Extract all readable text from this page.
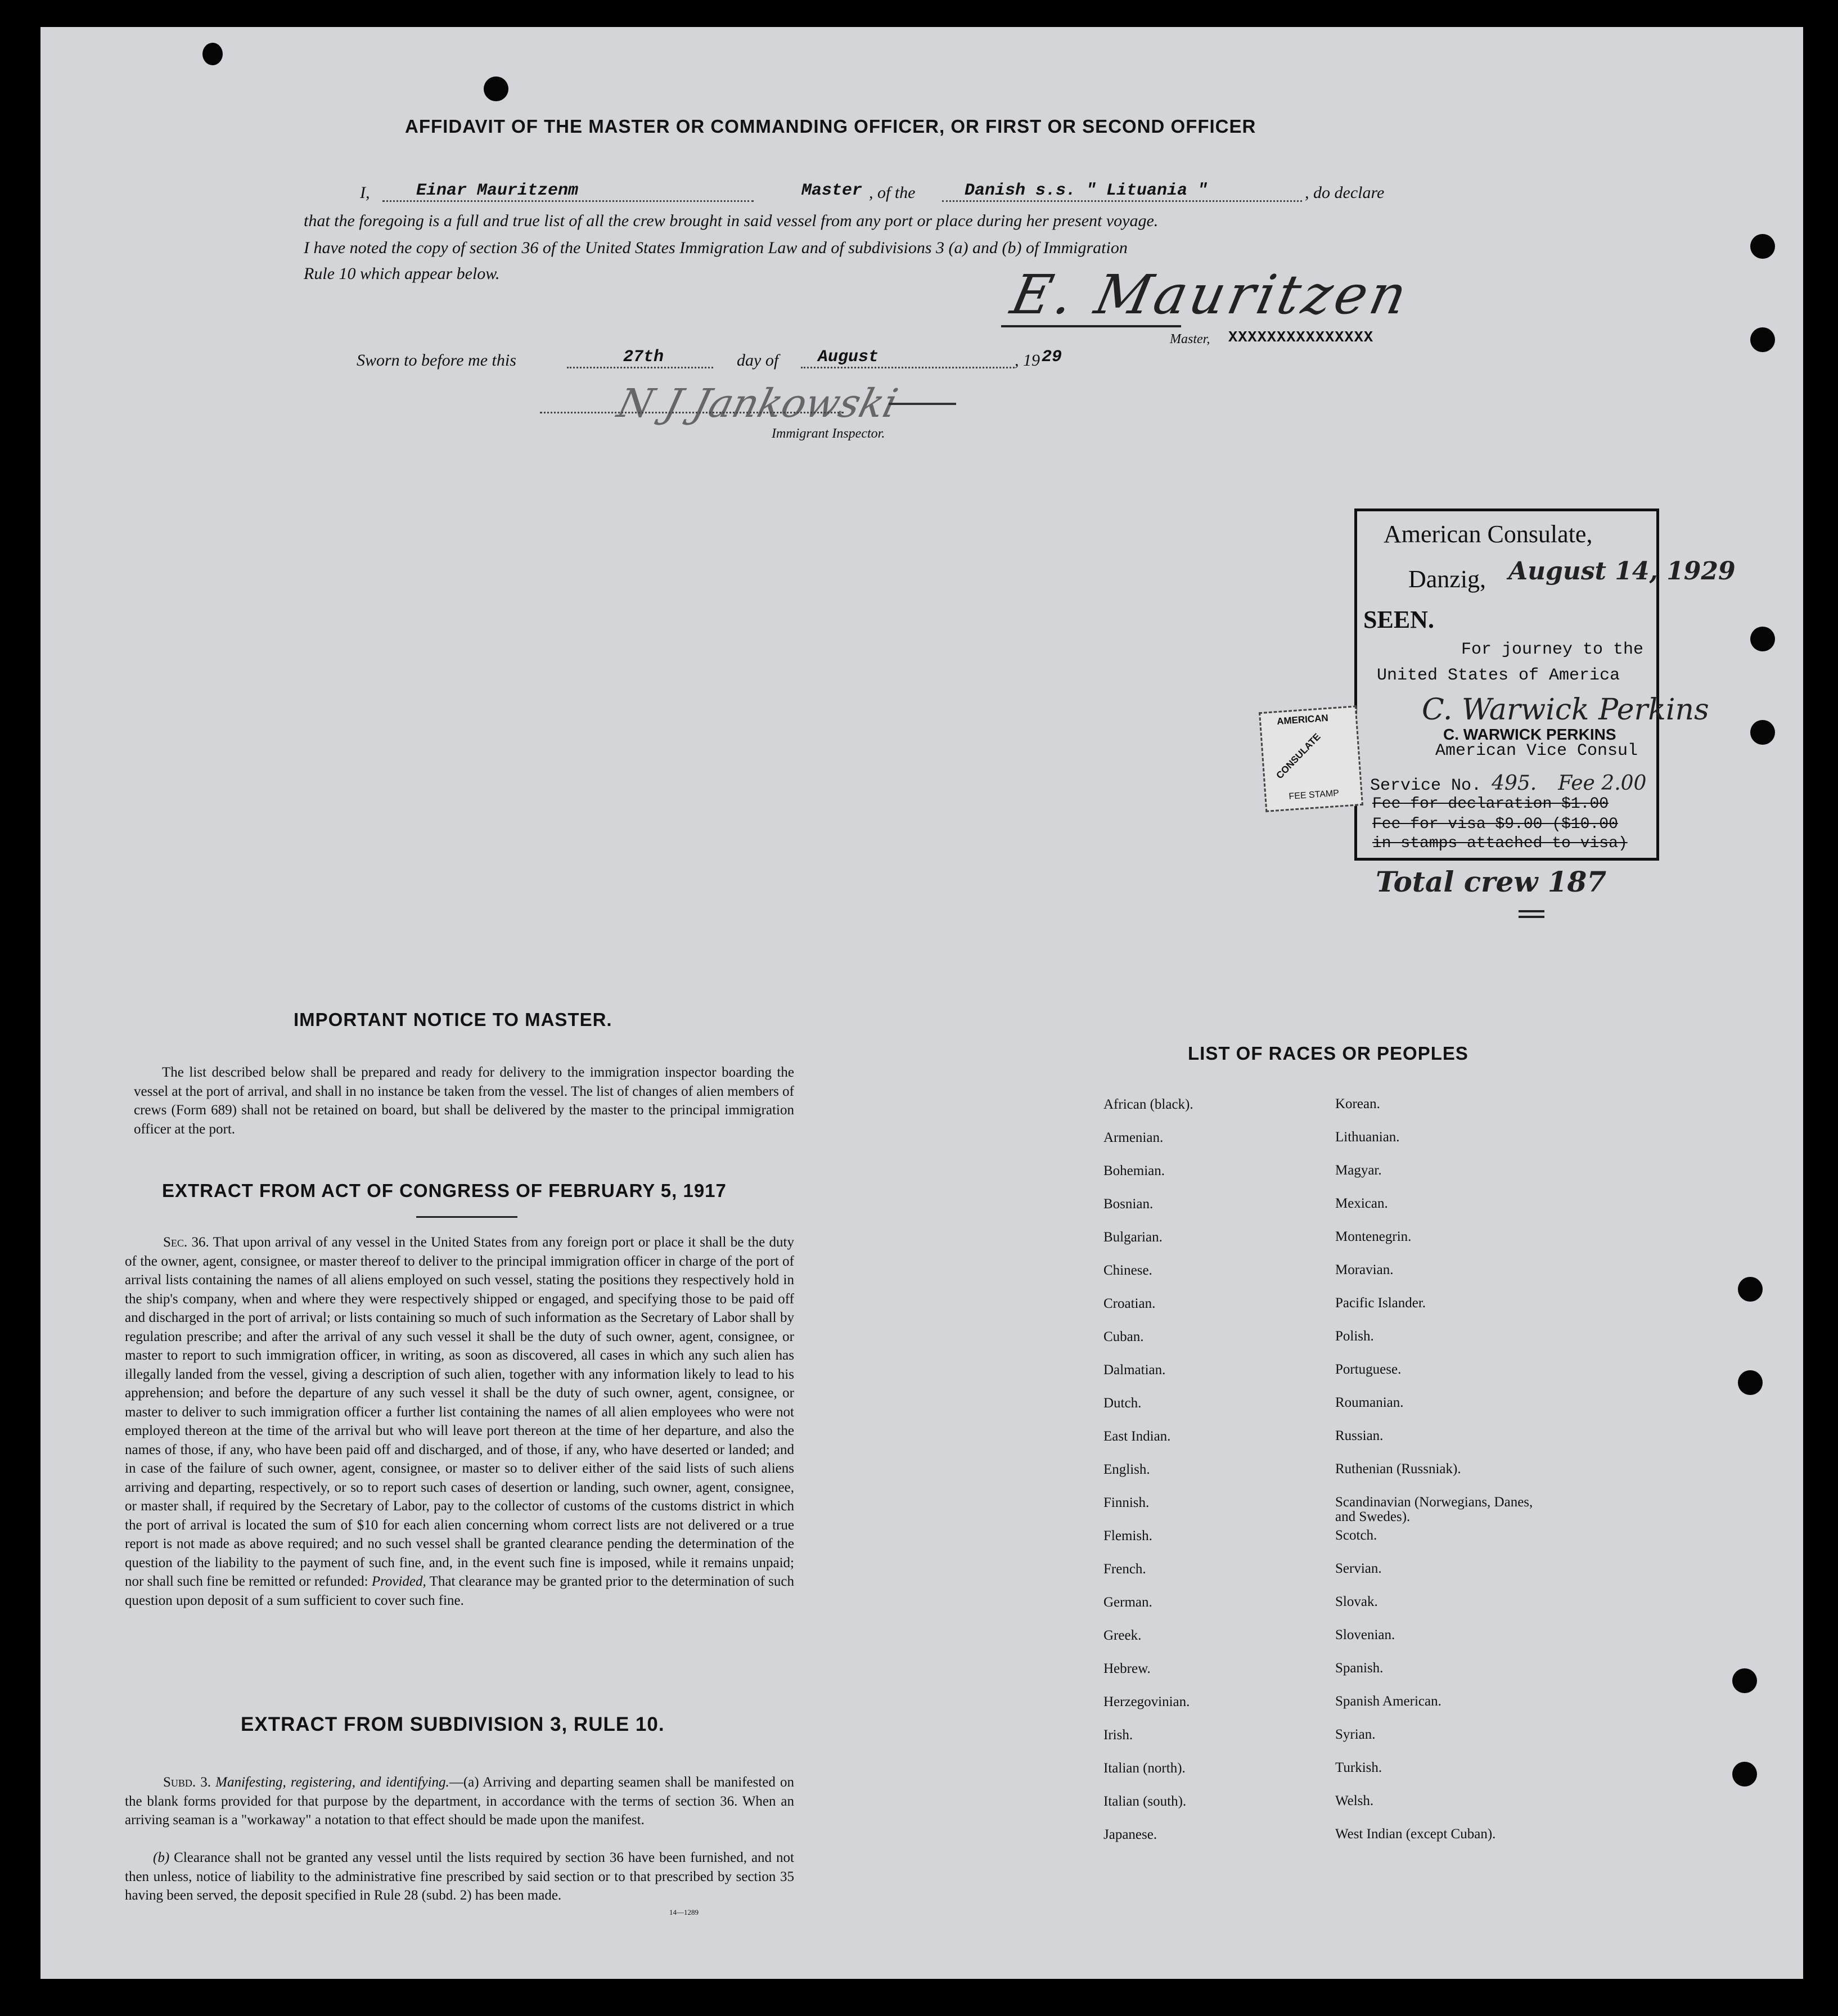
AFFIDAVIT OF THE MASTER OR COMMANDING OFFICER, OR FIRST OR SECOND OFFICER
I,	Einar Mauritzenm	Master , of the	Danish s.s. " Lituania "	, do declare
that the foregoing is a full and true list of all the crew brought in said vessel from any port or place during her present voyage.
I have noted the copy of section 36 of the United States Immigration Law and of subdivisions 3 (a) and (b) of Immigration
Rule 10 which appear below.	E. Mauritzen
Master, XXXXXXXXXXXXXXX
Sworn to before me this	27th	day of	August	, 19 29
N J Jankowski
Immigrant Inspector.
American Consulate,
Danzig, August 14, 1929
SEEN.
For journey to the
United States of America
C. Warwick Perkins
C. WARWICK PERKINS
American Vice Consul
Service No. 495. Fee 2.00
Fee for declaration $1.00
Fee for visa $9.00 ($10.00
in stamps attached to visa)
Total crew 187
AMERICAN
CONSULATE
FEE STAMP
IMPORTANT NOTICE TO MASTER.
The list described below shall be prepared and ready for delivery to the immigration inspector boarding the vessel at the port of arrival, and shall in no instance be taken from the vessel. The list of changes of alien members of crews (Form 689) shall not be retained on board, but shall be delivered by the master to the principal immigration officer at the port.
EXTRACT FROM ACT OF CONGRESS OF FEBRUARY 5, 1917
Sec. 36. That upon arrival of any vessel in the United States from any foreign port or place it shall be the duty of the owner, agent, consignee, or master thereof to deliver to the principal immigration officer in charge of the port of arrival lists containing the names of all aliens employed on such vessel, stating the positions they respectively hold in the ship's company, when and where they were respectively shipped or engaged, and specifying those to be paid off and discharged in the port of arrival; or lists containing so much of such information as the Secretary of Labor shall by regulation prescribe; and after the arrival of any such vessel it shall be the duty of such owner, agent, consignee, or master to report to such immigration officer, in writing, as soon as discovered, all cases in which any such alien has illegally landed from the vessel, giving a description of such alien, together with any information likely to lead to his apprehension; and before the departure of any such vessel it shall be the duty of such owner, agent, consignee, or master to deliver to such immigration officer a further list containing the names of all alien employees who were not employed thereon at the time of the arrival but who will leave port thereon at the time of her departure, and also the names of those, if any, who have been paid off and discharged, and of those, if any, who have deserted or landed; and in case of the failure of such owner, agent, consignee, or master so to deliver either of the said lists of such aliens arriving and departing, respectively, or so to report such cases of desertion or landing, such owner, agent, consignee, or master shall, if required by the Secretary of Labor, pay to the collector of customs of the customs district in which the port of arrival is located the sum of $10 for each alien concerning whom correct lists are not delivered or a true report is not made as above required; and no such vessel shall be granted clearance pending the determination of the question of the liability to the payment of such fine, and, in the event such fine is imposed, while it remains unpaid; nor shall such fine be remitted or refunded: Provided, That clearance may be granted prior to the determination of such question upon deposit of a sum sufficient to cover such fine.
EXTRACT FROM SUBDIVISION 3, RULE 10.
Subd. 3. Manifesting, registering, and identifying.—(a) Arriving and departing seamen shall be manifested on the blank forms provided for that purpose by the department, in accordance with the terms of section 36. When an arriving seaman is a "workaway" a notation to that effect should be made upon the manifest.
(b) Clearance shall not be granted any vessel until the lists required by section 36 have been furnished, and not then unless, notice of liability to the administrative fine prescribed by said section or to that prescribed by section 35 having been served, the deposit specified in Rule 28 (subd. 2) has been made.
14—1289
LIST OF RACES OR PEOPLES
African (black).	Korean.
Armenian.	Lithuanian.
Bohemian.	Magyar.
Bosnian.	Mexican.
Bulgarian.	Montenegrin.
Chinese.	Moravian.
Croatian.	Pacific Islander.
Cuban.	Polish.
Dalmatian.	Portuguese.
Dutch.	Roumanian.
East Indian.	Russian.
English.	Ruthenian (Russniak).
Finnish.	Scandinavian (Norwegians, Danes, and Swedes).
Flemish.	Scotch.
French.	Servian.
German.	Slovak.
Greek.	Slovenian.
Hebrew.	Spanish.
Herzegovinian.	Spanish American.
Irish.	Syrian.
Italian (north).	Turkish.
Italian (south).	Welsh.
Japanese.	West Indian (except Cuban).
